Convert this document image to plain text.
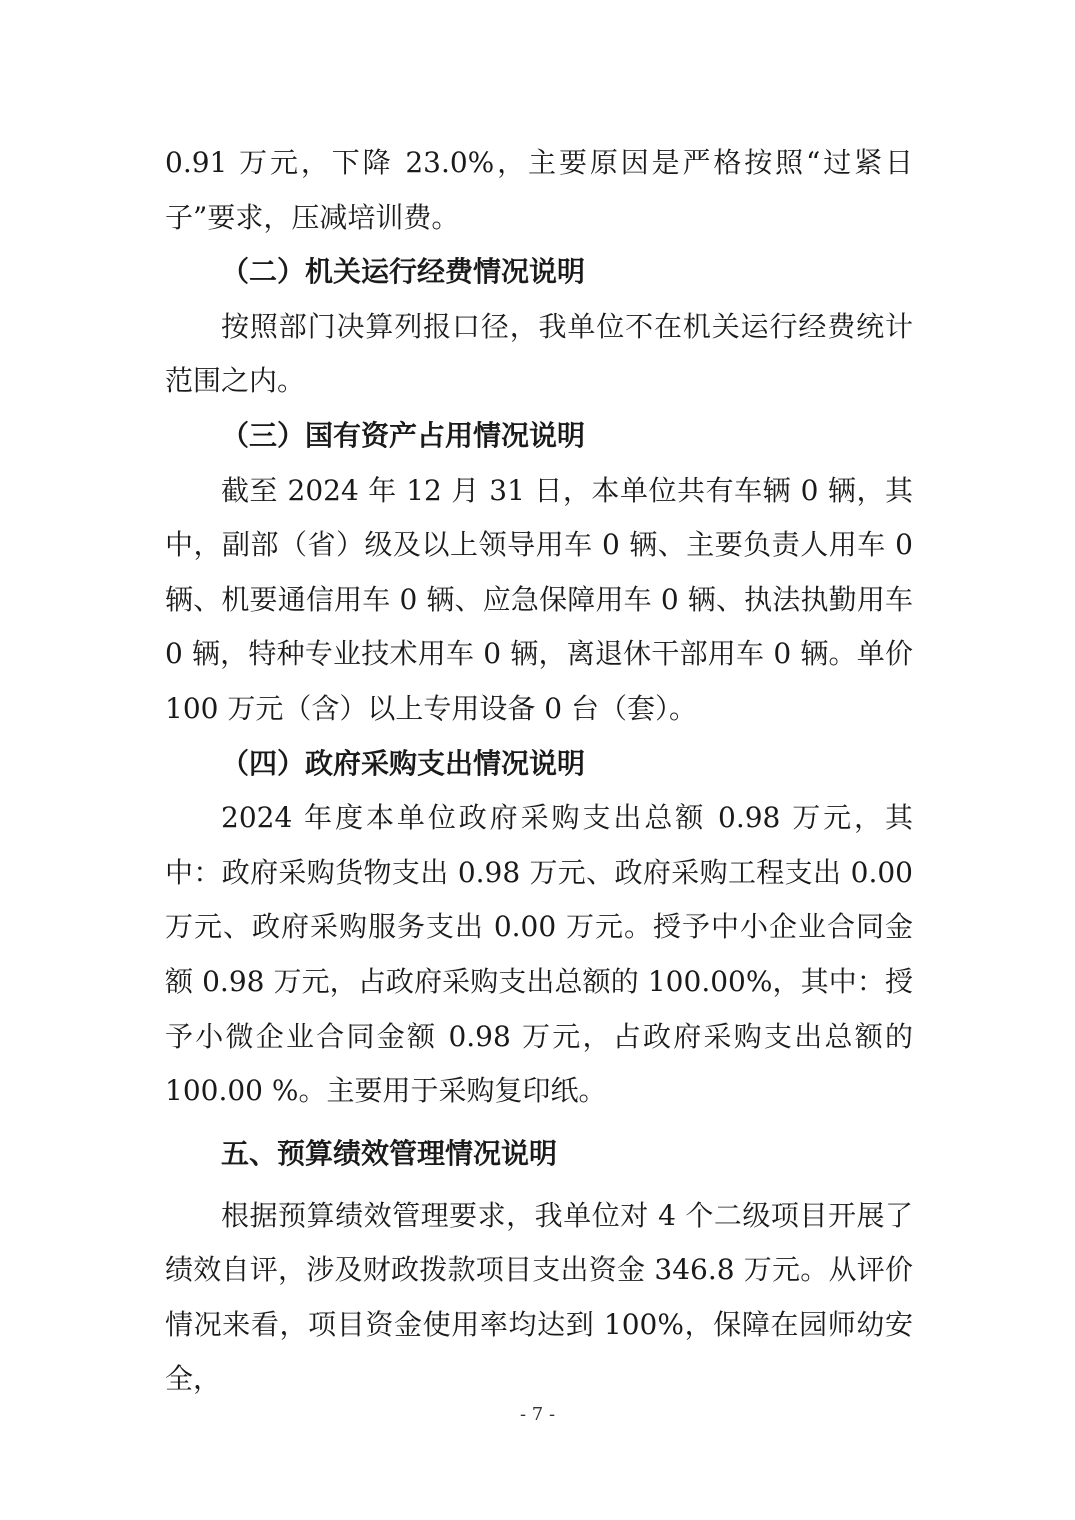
0.91 万元，下降 23.0%，主要原因是严格按照“过紧日子”要求，压减培训费。

（二）机关运行经费情况说明

按照部门决算列报口径，我单位不在机关运行经费统计范围之内。

（三）国有资产占用情况说明

截至 2024 年 12 月 31 日，本单位共有车辆 0 辆，其中，副部（省）级及以上领导用车 0 辆、主要负责人用车 0 辆、机要通信用车 0 辆、应急保障用车 0 辆、执法执勤用车 0 辆，特种专业技术用车 0 辆，离退休干部用车 0 辆。单价 100 万元（含）以上专用设备 0 台（套）。

（四）政府采购支出情况说明

2024 年度本单位政府采购支出总额 0.98 万元，其中：政府采购货物支出 0.98 万元、政府采购工程支出 0.00 万元、政府采购服务支出 0.00 万元。授予中小企业合同金额 0.98 万元，占政府采购支出总额的 100.00%，其中：授予小微企业合同金额 0.98 万元，占政府采购支出总额的 100.00 %。主要用于采购复印纸。

五、预算绩效管理情况说明

根据预算绩效管理要求，我单位对 4 个二级项目开展了绩效自评，涉及财政拨款项目支出资金 346.8 万元。从评价情况来看，项目资金使用率均达到 100%，保障在园师幼安全，

- 7 -
